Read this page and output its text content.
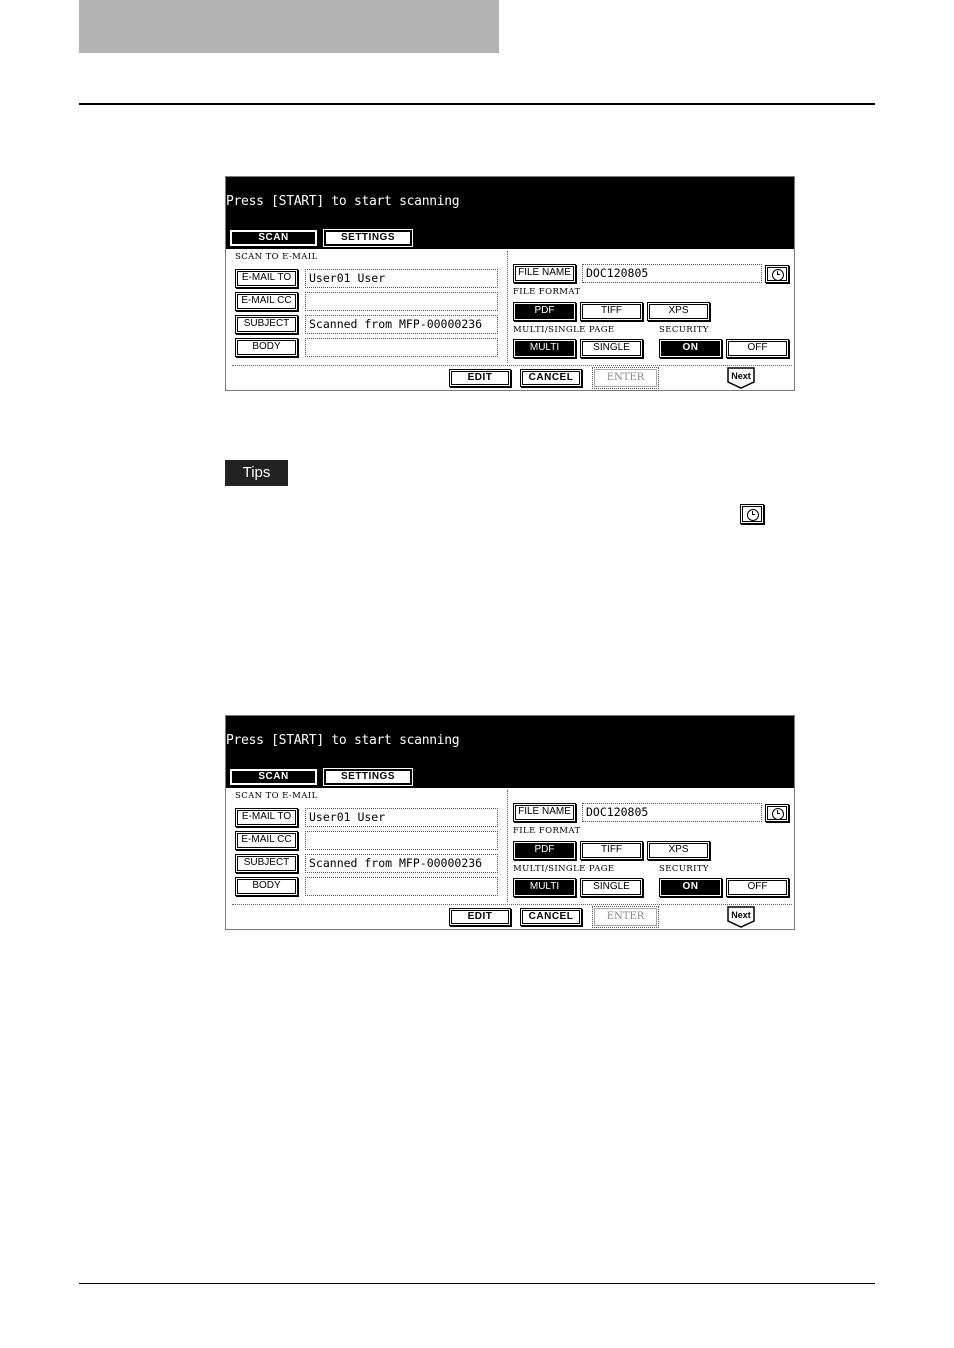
Press [START] to start scanning
SCAN	SETTINGS
SCAN TO E-MAIL
E-MAIL TO	User01 User
E-MAIL CC
SUBJECT	Scanned from MFP-00000236
BODY
FILE NAME	DOC120805
FILE FORMAT
PDF	TIFF	XPS
MULTI/SINGLE PAGE	SECURITY
MULTI	SINGLE	ON	OFF
EDIT	CANCEL	ENTER	Next
Tips
Press [START] to start scanning
SCAN	SETTINGS
SCAN TO E-MAIL
E-MAIL TO	User01 User
E-MAIL CC
SUBJECT	Scanned from MFP-00000236
BODY
FILE NAME	DOC120805
FILE FORMAT
PDF	TIFF	XPS
MULTI/SINGLE PAGE	SECURITY
MULTI	SINGLE	ON	OFF
EDIT	CANCEL	ENTER	Next
